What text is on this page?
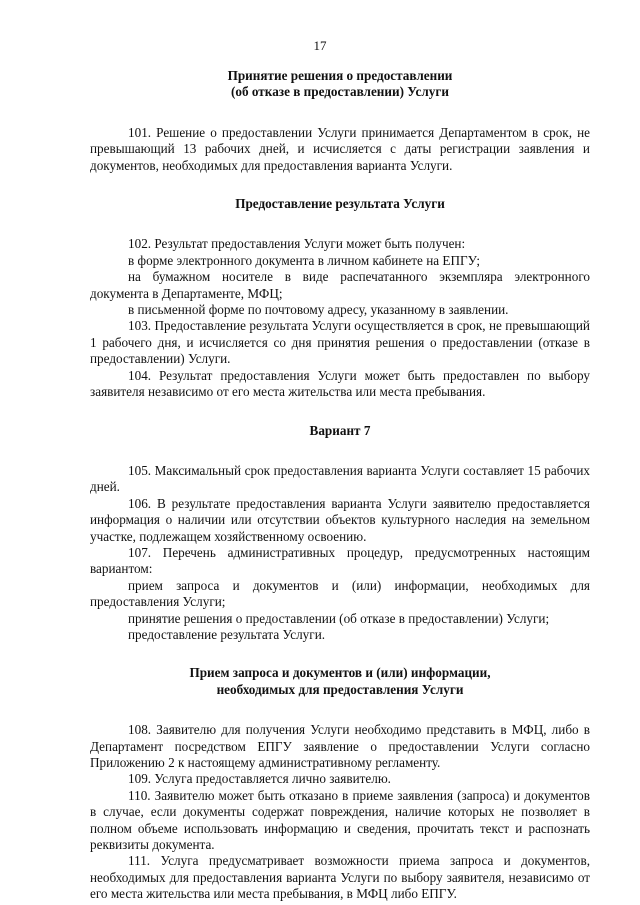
17
Принятие решения о предоставлении
(об отказе в предоставлении) Услуги

101. Решение о предоставлении Услуги принимается Департаментом в срок, не превышающий 13 рабочих дней, и исчисляется с даты регистрации заявления и документов, необходимых для предоставления варианта Услуги.

Предоставление результата Услуги

102. Результат предоставления Услуги может быть получен:

в форме электронного документа в личном кабинете на ЕПГУ;

на бумажном носителе в виде распечатанного экземпляра электронного документа в Департаменте, МФЦ;

в письменной форме по почтовому адресу, указанному в заявлении.

103. Предоставление результата Услуги осуществляется в срок, не превышающий 1 рабочего дня, и исчисляется со дня принятия решения о предоставлении (отказе в предоставлении) Услуги.

104. Результат предоставления Услуги может быть предоставлен по выбору заявителя независимо от его места жительства или места пребывания.

Вариант 7

105. Максимальный срок предоставления варианта Услуги составляет 15 рабочих дней.

106. В результате предоставления варианта Услуги заявителю предоставляется информация о наличии или отсутствии объектов культурного наследия на земельном участке, подлежащем хозяйственному освоению.

107. Перечень административных процедур, предусмотренных настоящим вариантом:

прием запроса и документов и (или) информации, необходимых для предоставления Услуги;

принятие решения о предоставлении (об отказе в предоставлении) Услуги;

предоставление результата Услуги.

Прием запроса и документов и (или) информации,
необходимых для предоставления Услуги

108. Заявителю для получения Услуги необходимо представить в МФЦ, либо в Департамент посредством ЕПГУ заявление о предоставлении Услуги согласно Приложению 2 к настоящему административному регламенту.

109. Услуга предоставляется лично заявителю.

110. Заявителю может быть отказано в приеме заявления (запроса) и документов в случае, если документы содержат повреждения, наличие которых не позволяет в полном объеме использовать информацию и сведения, прочитать текст и распознать реквизиты документа.

111. Услуга предусматривает возможности приема запроса и документов, необходимых для предоставления варианта Услуги по выбору заявителя, независимо от его места жительства или места пребывания, в МФЦ либо ЕПГУ.
